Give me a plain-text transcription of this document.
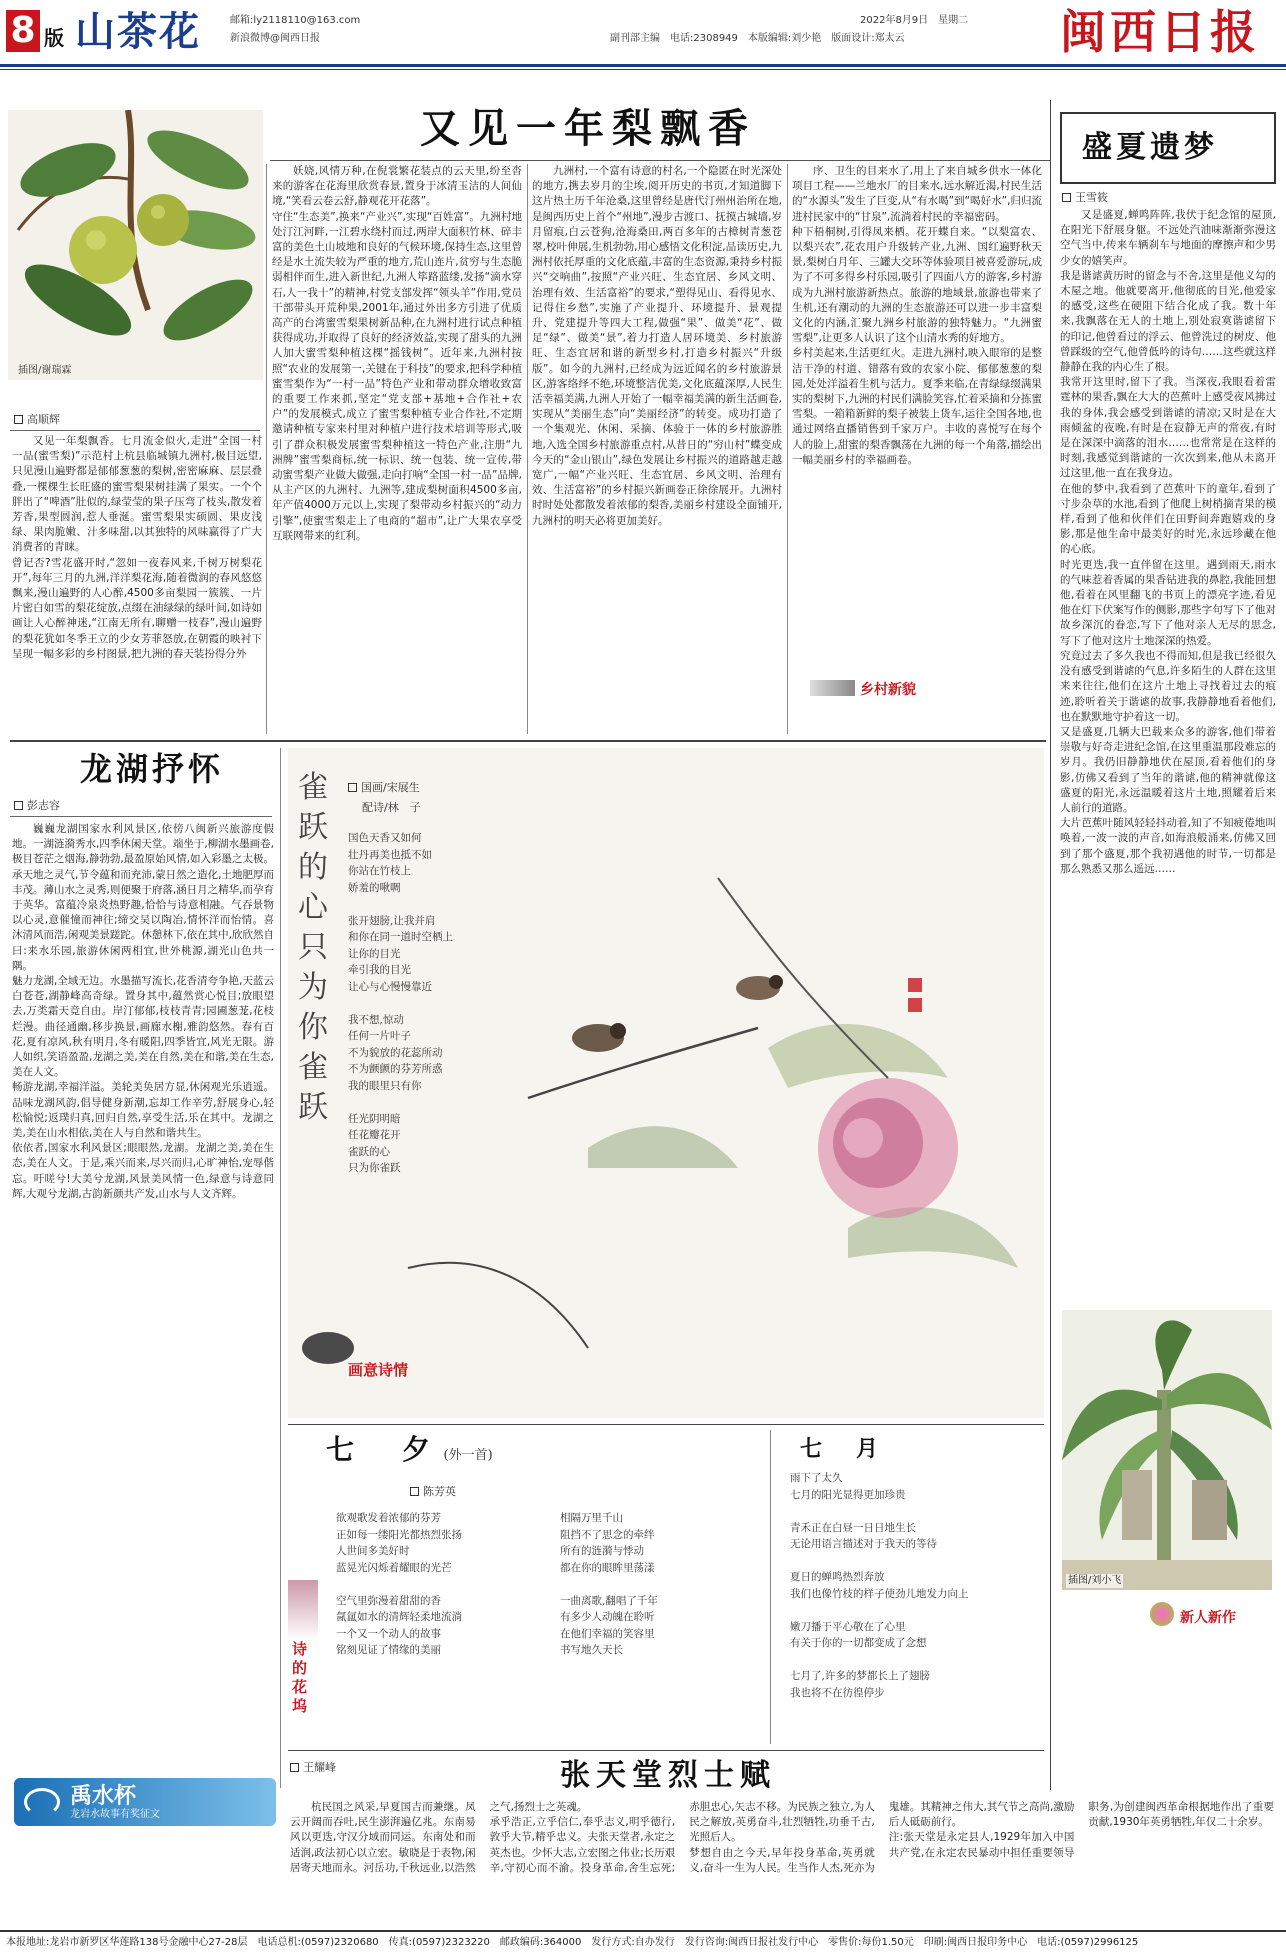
8 版 山茶花	邮箱:ly2118110@163.com
新浪微博@闽西日报
2022年8月9日　星期二
副刊部主编　电话:2308949　本版编辑:刘少艳　版面设计:郑太云	闽西日报
插图/谢瑞霖
又见一年梨飘香
高顺辉
又见一年梨飘香。七月流金似火,走进“全国一村一品(蜜雪梨)”示范村上杭县临城镇九洲村,极目远望,只见漫山遍野都是郁郁葱葱的梨树,密密麻麻、层层叠叠,一棵棵生长旺盛的蜜雪梨果树挂满了果实。一个个胖出了“啤酒”肚似的,绿莹莹的果子压弯了枝头,散发着芳香,果型圆润,惹人垂涎。蜜雪梨果实硕圆、果皮浅绿、果肉脆嫩、汁多味甜,以其独特的风味赢得了广大消费者的青睐。
曾记否?雪花盛开时,“忽如一夜春风来,千树万树梨花开”,每年三月的九洲,洋洋梨花海,随着微润的春风悠悠飘来,漫山遍野的人心醉,4500多亩梨园一簇簇、一片片密白如雪的梨花绽放,点缀在油绿绿的绿叶间,如诗如画让人心醉神迷,“江南无所有,聊赠一枝春”,漫山遍野的梨花犹如冬季王立的少女芳菲怒放,在朝霞的映衬下呈现一幅多彩的乡村图景,把九洲的春天装扮得分外
妖娆,风情万种,在倪裳繁花装点的云天里,纷至沓来的游客在花海里欣赏春景,置身于冰清玉洁的人间仙境,“笑看云卷云舒,静观花开花落”。
守住“生态美”,换来“产业兴”,实现“百姓富”。九洲村地处汀江河畔,一江碧水绕村而过,两岸大面积竹林、碎丰富的美色土山坡地和良好的气候环境,保持生态,这里曾经是水土流失较为严重的地方,荒山连片,贫穷与生态脆弱相伴而生,进入新世纪,九洲人筚路蓝缕,发扬“滴水穿石,人一我十”的精神,村党支部发挥“领头羊”作用,党员干部带头开荒种果,2001年,通过外出多方引进了优质高产的台湾蜜雪梨果树新品种,在九洲村进行试点种植获得成功,并取得了良好的经济效益,实现了甜头的九洲人加大蜜雪梨种植这棵“摇钱树”。近年来,九洲村按照“农业的发展第一,关键在于科技”的要求,把科学种植蜜雪梨作为“一村一品”特色产业和带动群众增收致富的重要工作来抓,坚定“党支部+基地+合作社+农户”的发展模式,成立了蜜雪梨种植专业合作社,不定期邀请种植专家来村里对种植户进行技术培训等形式,吸引了群众积极发展蜜雪梨种植这一特色产业,注册“九洲牌”蜜雪梨商标,统一标识、统一包装、统一宣传,带动蜜雪梨产业做大做强,走向打响“全国一村一品”品牌,从主产区的九洲村、九洲等,建成梨树面积4500多亩,年产值4000万元以上,实现了梨带动乡村振兴的“动力引擎”,使蜜雪梨走上了电商的“超市”,让广大果农享受互联网带来的红利。
九洲村,一个富有诗意的村名,一个隐匿在时光深处的地方,携去岁月的尘埃,阅开历史的书页,才知道脚下这片热土历千年沧桑,这里曾经是唐代汀州州治所在地,是闽西历史上首个“州地”,漫步古渡口、抚摸古城墙,岁月留痕,白云苍狗,沧海桑田,两百多年的古樟树青葱苍翠,校叶伸展,生机勃勃,用心感悟文化积淀,品读历史,九洲村依托厚重的文化底蕴,丰富的生态资源,秉持乡村振兴“交响曲”,按照“产业兴旺、生态宜居、乡风文明、治理有效、生活富裕”的要求,“塑得见山、看得见水、记得住乡愁”,实施了产业提升、环境提升、景观提升、党建提升等四大工程,做强“果”、做美“花”、做足“绿”、做美“景”,着力打造人居环境美、乡村旅游旺、生态宜居和谐的新型乡村,打造乡村振兴“升级版”。如今的九洲村,已经成为远近闻名的乡村旅游景区,游客络绎不绝,环境整洁优美,文化底蕴深厚,人民生活幸福美满,九洲人开始了一幅幸福美满的新生活画卷,实现从“美丽生态”向“美丽经济”的转变。成功打造了一个集观光、休闲、采摘、体验于一体的乡村旅游胜地,入选全国乡村旅游重点村,从昔日的“穷山村”蝶变成今天的“金山银山”,绿色发展让乡村振兴的道路越走越宽广,一幅“产业兴旺、生态宜居、乡风文明、治理有效、生活富裕”的乡村振兴新画卷正徐徐展开。九洲村时时处处都散发着浓郁的梨香,美丽乡村建设全面铺开,九洲村的明天必将更加美好。
序、卫生的目来水了,用上了来自城乡供水一体化项目工程——兰地水厂的目来水,远水解近渴,村民生活的“水源头”发生了巨变,从“有水喝”到“喝好水”,归归流进村民家中的“甘泉”,流淌着村民的幸福密码。
种下梧桐树,引得凤来栖。花开蝶自来。“以梨富农、以梨兴农”,花农用户升级转产业,九洲、国红遍野秋天景,梨树白月年、三罐大交环等体验项目被喜爱游玩,成为了不可多得乡村乐园,吸引了四面八方的游客,乡村游成为九洲村旅游新热点。旅游的地域景,旅游也带来了生机,还有潮动的九洲的生态旅游还可以进一步丰富梨文化的内涵,汇聚九洲乡村旅游的独特魅力。“九洲蜜雪梨”,让更多人认识了这个山清水秀的好地方。
乡村美起来,生活更红火。走进九洲村,映入眼帘的是整洁干净的村道、错落有致的农家小院、郁郁葱葱的梨园,处处洋溢着生机与活力。夏季来临,在青绿绿缀满果实的梨树下,九洲的村民们满脸笑容,忙着采摘和分拣蜜雪梨。一箱箱新鲜的梨子被装上货车,运往全国各地,也通过网络直播销售到千家万户。丰收的喜悦写在每个人的脸上,甜蜜的梨香飘荡在九洲的每一个角落,描绘出一幅美丽乡村的幸福画卷。
乡村新貌
盛夏遗梦
王雪筱
又是盛夏,蝉鸣阵阵,我伏于纪念馆的屋顶,在阳光下舒展身躯。不远处汽油味渐渐弥漫这空气当中,传来车辆刹车与地面的摩擦声和少男少女的嬉笑声。
我是谐谑黄历时的留念与不舍,这里是他义勾的木屋之地。他就要离开,他彻底的目光,他爱家的感受,这些在硬阻下结合化成了我。数十年来,我飘落在无人的土地上,别处寂寞谐谑留下的印记,他曾看过的浮云、他曾洗过的树皮、他曾踩级的空气,他曾低吟的诗句……这些就这样静静在我的内心生了根。
我常开这里时,留下了我。当深夜,我眼看着雷霆林的果香,飘在大大的芭蕉叶上感受夜风拂过我的身体,我会感受到谐谑的清凉;又时是在大雨倾盆的夜晚,有时是在寂静无声的常夜,有时是在深深中滴落的泪水……也常常是在这样的时刻,我感觉到谐谑的一次次到来,他从未离开过这里,他一直在我身边。
在他的梦中,我看到了芭蕉叶下的童年,看到了寸步杂草的水池,看到了他爬上树梢摘青果的模样,看到了他和伙伴们在田野间奔跑嬉戏的身影,那是他生命中最美好的时光,永远珍藏在他的心底。
时光更迭,我一直伴留在这里。遇到雨天,雨水的气味惹着香属的果香钻进我的鼻腔,我能回想他,看着在风里翻飞的书页上的漂亮字迹,看见他在灯下伏案写作的侧影,那些字句写下了他对故乡深沉的眷恋,写下了他对亲人无尽的思念,写下了他对这片土地深深的热爱。
究竟过去了多久我也不得而知,但是我已经很久没有感受到谐谑的气息,许多陌生的人群在这里来来往往,他们在这片土地上寻找着过去的痕迹,聆听着关于谐谑的故事,我静静地看着他们,也在默默地守护着这一切。
又是盛夏,几辆大巴载来众多的游客,他们带着崇敬与好奇走进纪念馆,在这里重温那段难忘的岁月。我仍旧静静地伏在屋顶,看着他们的身影,仿佛又看到了当年的谐谑,他的精神就像这盛夏的阳光,永远温暖着这片土地,照耀着后来人前行的道路。
大片芭蕉叶随风轻轻抖动着,知了不知疲倦地叫唤着,一波一波的声音,如海浪般涌来,仿佛又回到了那个盛夏,那个我初遇他的时节,一切都是那么熟悉又那么遥远……
插图/刘小飞
新人新作
龙湖抒怀
彭志容
巍巍龙湖国家水利风景区,依傍八闽新兴旅游度假地。一湖涟漪秀水,四季休闲天堂。端坐于,柳湖水墨画卷,极目苍茫之烟海,静勃勃,最盈原始风情,如入彩墨之太极。承天地之灵气,节令蕴和而充沛,蒙日然之造化,土地肥厚而丰茂。薄山水之灵秀,则便聚于府落,涵日月之精华,而孕育于英华。富蕴冷泉炎热野趣,恰恰与诗意相融。气吞景物以心灵,意催憧而神往;缔交吴以陶冶,情怀洋而怡情。喜沐清风而浩,闲观美景蹉跎。休憩林下,依在其中,欣欣然自曰:来水乐园,旅游休闲两相宜,世外桃源,湖光山色共一隅。
魅力龙湖,全域无边。水墨描写流长,花香清夸争艳,天蓝云白苍苍,湖静峰高奇绿。置身其中,蕴然赏心悦目;放眼望去,万类霜天竞自由。岸汀郁郁,枝枝青青;园圃葱茏,花枝烂漫。曲径通幽,移步换景,画廊水榭,雅韵悠然。春有百花,夏有凉风,秋有明月,冬有暖阳,四季皆宜,风光无限。游人如织,笑语盈盈,龙湖之美,美在自然,美在和谐,美在生态,美在人文。
畅游龙湖,幸福洋溢。美轮美奂居方显,休闲观光乐逍遥。品味龙湖风韵,倡导健身新潮,忘却工作辛劳,舒展身心,轻松愉悦;返璞归真,回归自然,享受生活,乐在其中。龙湖之美,美在山水相依,美在人与自然和谐共生。
依依者,国家水利风景区;眼眼然,龙湖。龙湖之美,美在生态,美在人文。于是,乘兴而来,尽兴而归,心旷神怡,宠辱偕忘。吁嗟兮!大美兮龙湖,风景美风情一色,绿意与诗意同辉,大观兮龙湖,古韵新颜共产发,山水与人文齐辉。
雀跃的心只为你雀跃
国画/宋展生
配诗/林　子
国色天香又如何
壮丹再美也抵不如
你站在竹枝上
娇羞的啾啁

张开翅膀,让我并肩
和你在同一道时空栖上
让你的目光
牵引我的目光
让心与心慢慢靠近

我不想,惊动
任何一片叶子
不为貌放的花蕊所动
不为颤颤的芬芳所惑
我的眼里只有你

任光阴明暗
任花瓣花开
雀跃的心
只为你雀跃
画意诗情
诗的花坞
七　夕 (外一首)
陈芳英
欲观歌发着浓郁的芬芳
正如每一缕阳光都热烈张扬
人世间多美好时
蓝晃光闪烁着耀眼的光芒

空气里弥漫着甜甜的香
氤氲如水的清辉轻柔地流淌
一个又一个动人的故事
铭刻见证了情缘的美丽
相隔万里千山
阻挡不了思念的牵绊
所有的涟漪与悸动
都在你的眼眸里荡漾

一曲离歌,翻唱了千年
有多少人动魄在聆听
在他们幸福的笑容里
书写地久天长
七　月
雨下了太久
七月的阳光显得更加珍贵

青禾正在白昼一日日地生长
无论用语言描述对于我天的等待

夏日的蝉鸣热烈奔放
我们也像竹枝的样子使劲儿地发力向上

嫩刀播于平心敬在了心里
有关于你的一切都变成了念想

七月了,许多的梦都长上了翅膀
我也将不在彷徨停步
禹水杯
龙岩水故事有奖征文
王耀峰	张天堂烈士赋
杭民国之风采,早夏国吉而兼继。凤云开阔而吞吐,民生澎湃遍亿兆。东南易风以更迭,守汉分域而同运。东南处和而适润,政法初心以立宏。敏晓是于表物,闲居寄天地而永。河岳功,千秋远业,以浩然之气,扬烈士之英魂。
承乎浩正,立乎信仁,奉乎志义,明乎德行,敦乎大节,精乎忠义。夫张天堂者,永定之英杰也。少怀大志,立宏图之伟业;长历艰辛,守初心而不渝。投身革命,舍生忘死;赤胆忠心,矢志不移。为民族之独立,为人民之解放,英勇奋斗,壮烈牺牲,功垂千古,光照后人。
梦想自由之今天,早年投身革命,英勇就义,奋斗一生为人民。生当作人杰,死亦为鬼雄。其精神之伟大,其气节之高尚,激励后人砥砺前行。
注:张天堂是永定县人,1929年加入中国共产党,在永定农民暴动中担任重要领导职务,为创建闽西革命根据地作出了重要贡献,1930年英勇牺牲,年仅二十余岁。
本报地址:龙岩市新罗区华莲路138号金融中心27-28层　电话总机:(0597)2320680　传真:(0597)2323220　邮政编码:364000　发行方式:自办发行　发行咨询:闽西日报社发行中心　零售价:每份1.50元　印刷:闽西日报印务中心　电话:(0597)2996125
